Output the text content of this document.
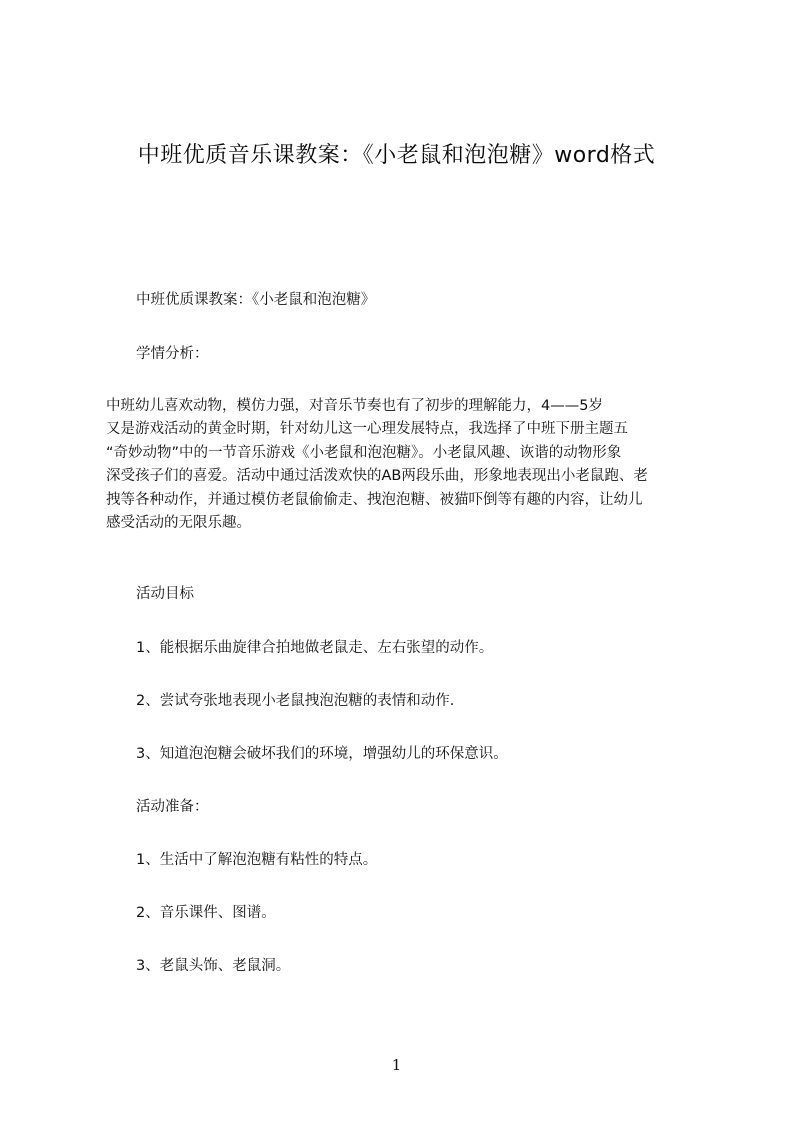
中班优质音乐课教案：《小老鼠和泡泡糖》word格式
中班优质课教案：《小老鼠和泡泡糖》
学情分析：
中班幼儿喜欢动物，模仿力强，对音乐节奏也有了初步的理解能力，4——5岁
又是游戏活动的黄金时期，针对幼儿这一心理发展特点，我选择了中班下册主题五
“奇妙动物”中的一节音乐游戏《小老鼠和泡泡糖》。小老鼠风趣、诙谐的动物形象
深受孩子们的喜爱。活动中通过活泼欢快的AB两段乐曲，形象地表现出小老鼠跑、老
拽等各种动作，并通过模仿老鼠偷偷走、拽泡泡糖、被猫吓倒等有趣的内容，让幼儿
感受活动的无限乐趣。
活动目标
1、能根据乐曲旋律合拍地做老鼠走、左右张望的动作。
2、尝试夸张地表现小老鼠拽泡泡糖的表情和动作.
3、知道泡泡糖会破坏我们的环境，增强幼儿的环保意识。
活动准备：
1、生活中了解泡泡糖有粘性的特点。
2、音乐课件、图谱。
3、老鼠头饰、老鼠洞。
1
